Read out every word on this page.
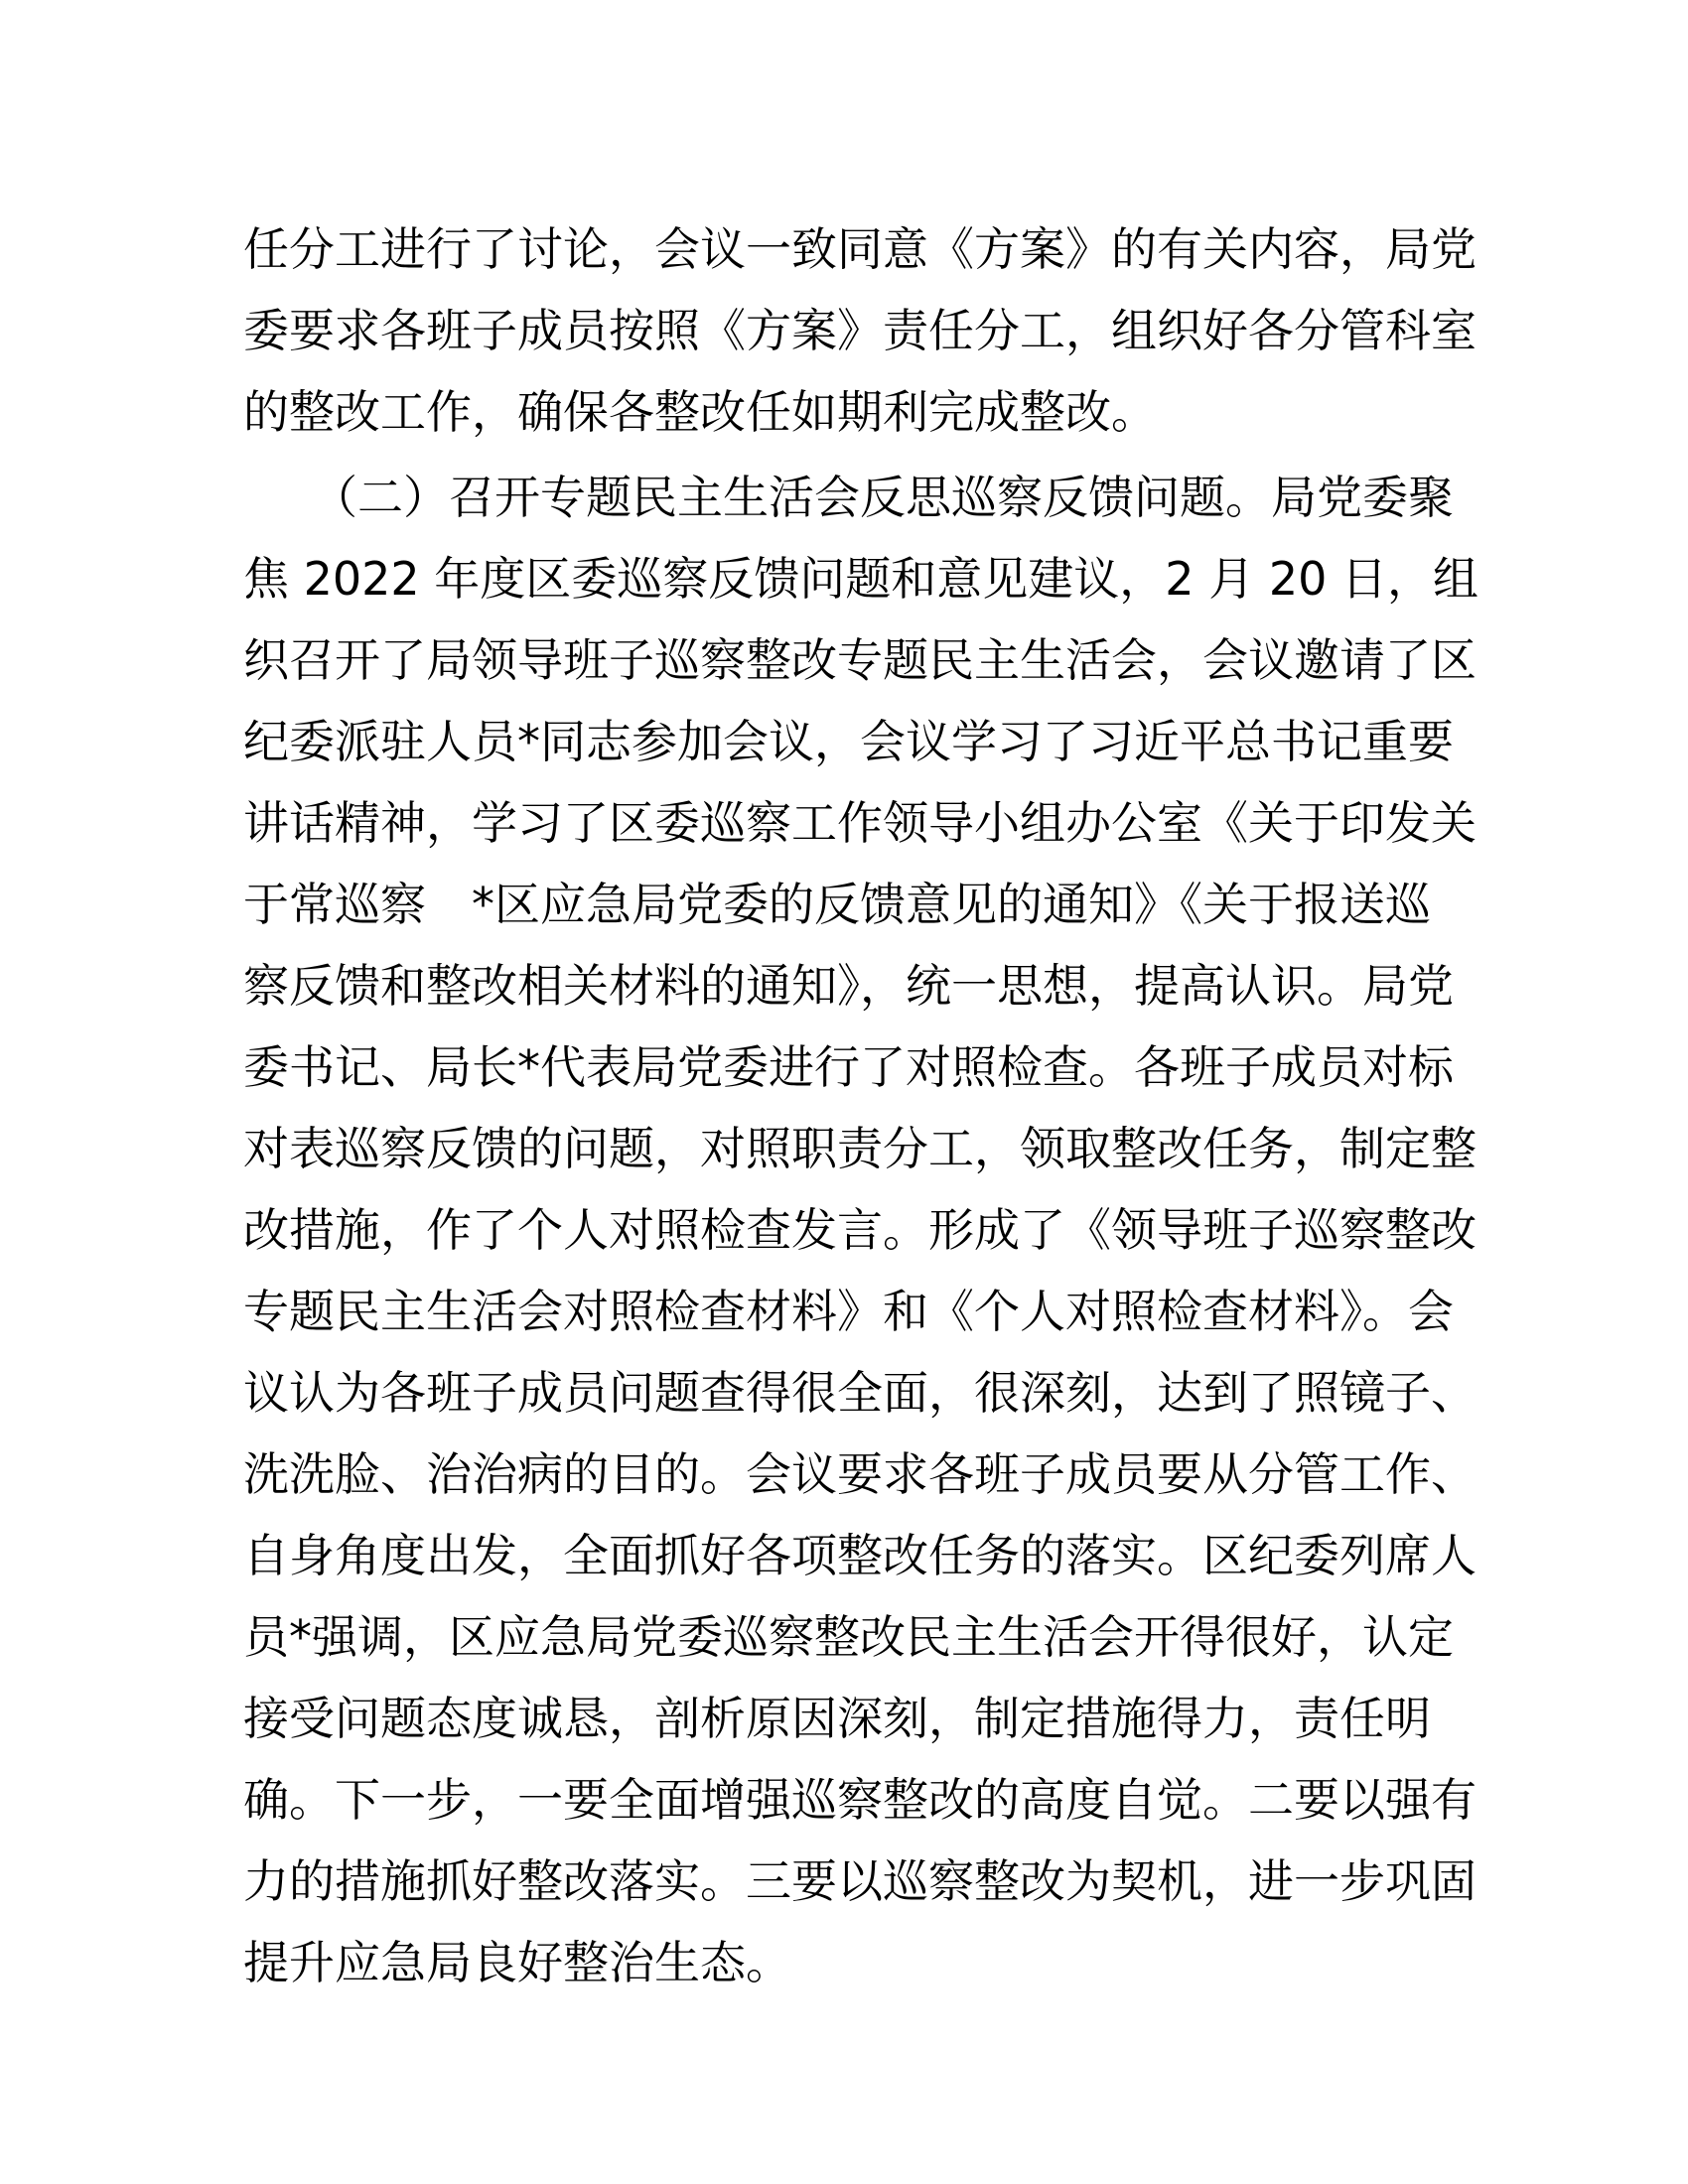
任分工进行了讨论，会议一致同意《方案》的有关内容，局党
委要求各班子成员按照《方案》责任分工，组织好各分管科室
的整改工作，确保各整改任如期利完成整改。
　　（二）召开专题民主生活会反思巡察反馈问题。局党委聚
焦 2022 年度区委巡察反馈问题和意见建议，2 月 20 日，组
织召开了局领导班子巡察整改专题民主生活会，会议邀请了区
纪委派驻人员*同志参加会议，会议学习了习近平总书记重要
讲话精神，学习了区委巡察工作领导小组办公室《关于印发关
于常巡察　*区应急局党委的反馈意见的通知》《关于报送巡
察反馈和整改相关材料的通知》，统一思想，提高认识。局党
委书记、局长*代表局党委进行了对照检查。各班子成员对标
对表巡察反馈的问题，对照职责分工，领取整改任务，制定整
改措施，作了个人对照检查发言。形成了《领导班子巡察整改
专题民主生活会对照检查材料》和《个人对照检查材料》。会
议认为各班子成员问题查得很全面，很深刻，达到了照镜子、
洗洗脸、治治病的目的。会议要求各班子成员要从分管工作、
自身角度出发，全面抓好各项整改任务的落实。区纪委列席人
员*强调，区应急局党委巡察整改民主生活会开得很好，认定
接受问题态度诚恳，剖析原因深刻，制定措施得力，责任明
确。下一步，一要全面增强巡察整改的高度自觉。二要以强有
力的措施抓好整改落实。三要以巡察整改为契机，进一步巩固
提升应急局良好整治生态。
